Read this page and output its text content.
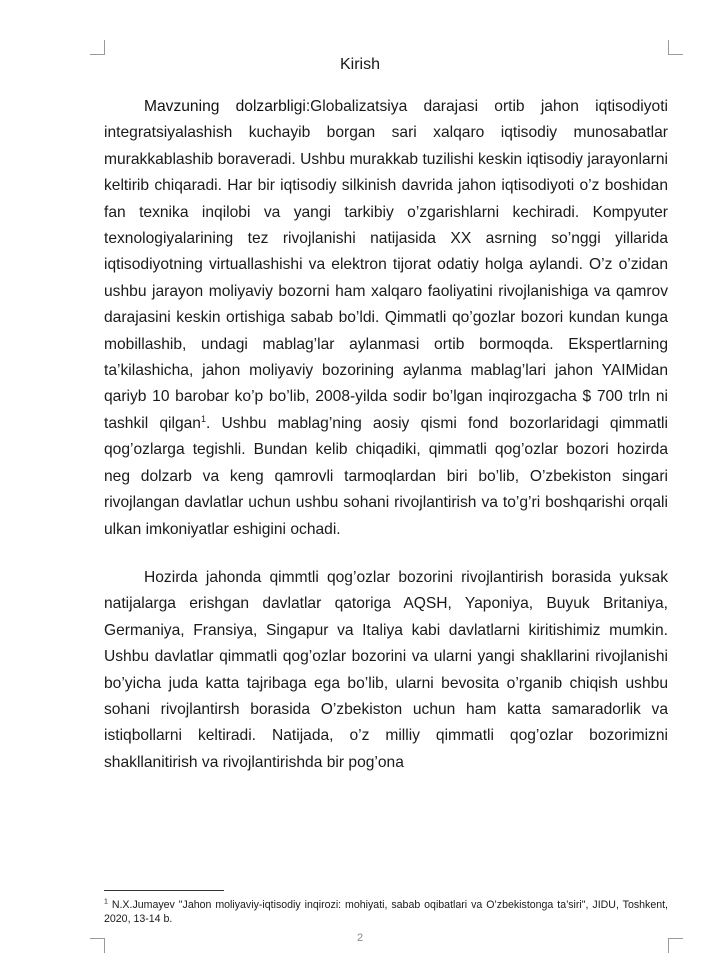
Kirish

Mavzuning dolzarbligi:Globalizatsiya darajasi ortib jahon iqtisodiyoti integratsiyalashish kuchayib borgan sari xalqaro iqtisodiy munosabatlar murakkablashib boraveradi. Ushbu murakkab tuzilishi keskin iqtisodiy jarayonlarni keltirib chiqaradi. Har bir iqtisodiy silkinish davrida jahon iqtisodiyoti o’z boshidan fan texnika inqilobi va yangi tarkibiy o’zgarishlarni kechiradi. Kompyuter texnologiyalarining tez rivojlanishi natijasida XX asrning so’nggi yillarida iqtisodiyotning virtuallashishi va elektron tijorat odatiy holga aylandi. O’z o’zidan ushbu jarayon moliyaviy bozorni ham xalqaro faoliyatini rivojlanishiga va qamrov darajasini keskin ortishiga sabab bo’ldi. Qimmatli qo’gozlar bozori kundan kunga mobillashib, undagi mablag’lar aylanmasi ortib bormoqda. Ekspertlarning ta’kilashicha, jahon moliyaviy bozorining aylanma mablag’lari jahon YAIMidan qariyb 10 barobar ko’p bo’lib, 2008-yilda sodir bo’lgan inqirozgacha $ 700 trln ni tashkil qilgan$^1$. Ushbu mablag’ning aosiy qismi fond bozorlaridagi qimmatli qog’ozlarga tegishli. Bundan kelib chiqadiki, qimmatli qog’ozlar bozori hozirda neg dolzarb va keng qamrovli tarmoqlardan biri bo’lib, O’zbekiston singari rivojlangan davlatlar uchun ushbu sohani rivojlantirish va to’g’ri boshqarishi orqali ulkan imkoniyatlar eshigini ochadi.

Hozirda jahonda qimmtli qog’ozlar bozorini rivojlantirish borasida yuksak natijalarga erishgan davlatlar qatoriga AQSH, Yaponiya, Buyuk Britaniya, Germaniya, Fransiya, Singapur va Italiya kabi davlatlarni kiritishimiz mumkin. Ushbu davlatlar qimmatli qog’ozlar bozorini va ularni yangi shakllarini rivojlanishi bo’yicha juda katta tajribaga ega bo’lib, ularni bevosita o’rganib chiqish ushbu sohani rivojlantirsh borasida O’zbekiston uchun ham katta samaradorlik va istiqbollarni keltiradi. Natijada, o’z milliy qimmatli qog’ozlar bozorimizni shakllanitirish va rivojlantirishda bir pog’ona

$^1$ N.X.Jumayev "Jahon moliyaviy-iqtisodiy inqirozi: mohiyati, sabab oqibatlari va O’zbekistonga ta’siri", JIDU, Toshkent, 2020, 13-14 b.
2
